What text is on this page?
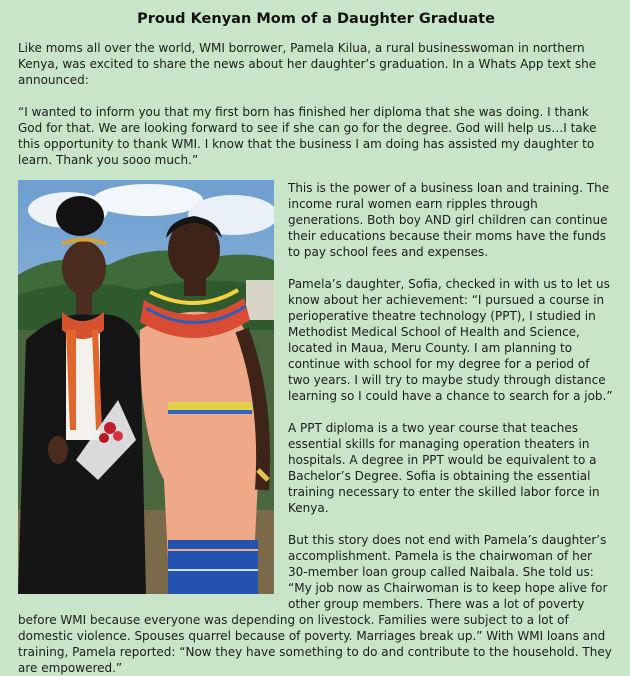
Proud Kenyan Mom of a Daughter Graduate

Like moms all over the world, WMI borrower, Pamela Kilua, a rural businesswoman in northern Kenya, was excited to share the news about her daughter’s graduation. In a Whats App text she announced:

“I wanted to inform you that my first born has finished her diploma that she was doing. I thank God for that. We are looking forward to see if she can go for the degree. God will help us…I take this opportunity to thank WMI. I know that the business I am doing has assisted my daughter to learn. Thank you sooo much.”

This is the power of a business loan and training. The income rural women earn ripples through generations. Both boy AND girl children can continue their educations because their moms have the funds to pay school fees and expenses.

Pamela’s daughter, Sofia, checked in with us to let us know about her achievement: “I pursued a course in perioperative theatre technology (PPT), I studied in Methodist Medical School of Health and Science, located in Maua, Meru County. I am planning to continue with school for my degree for a period of two years. I will try to maybe study through distance learning so I could have a chance to search for a job.”

A PPT diploma is a two year course that teaches essential skills for managing operation theaters in hospitals. A degree in PPT would be equivalent to a Bachelor’s Degree. Sofia is obtaining the essential training necessary to enter the skilled labor force in Kenya.

But this story does not end with Pamela’s daughter’s accomplishment. Pamela is the chairwoman of her 30-member loan group called Naibala. She told us: “My job now as Chairwoman is to keep hope alive for other group members. There was a lot of poverty before WMI because everyone was depending on livestock. Families were subject to a lot of domestic violence. Spouses quarrel because of poverty. Marriages break up.” With WMI loans and training, Pamela reported: “Now they have something to do and contribute to the household. They are empowered.”
